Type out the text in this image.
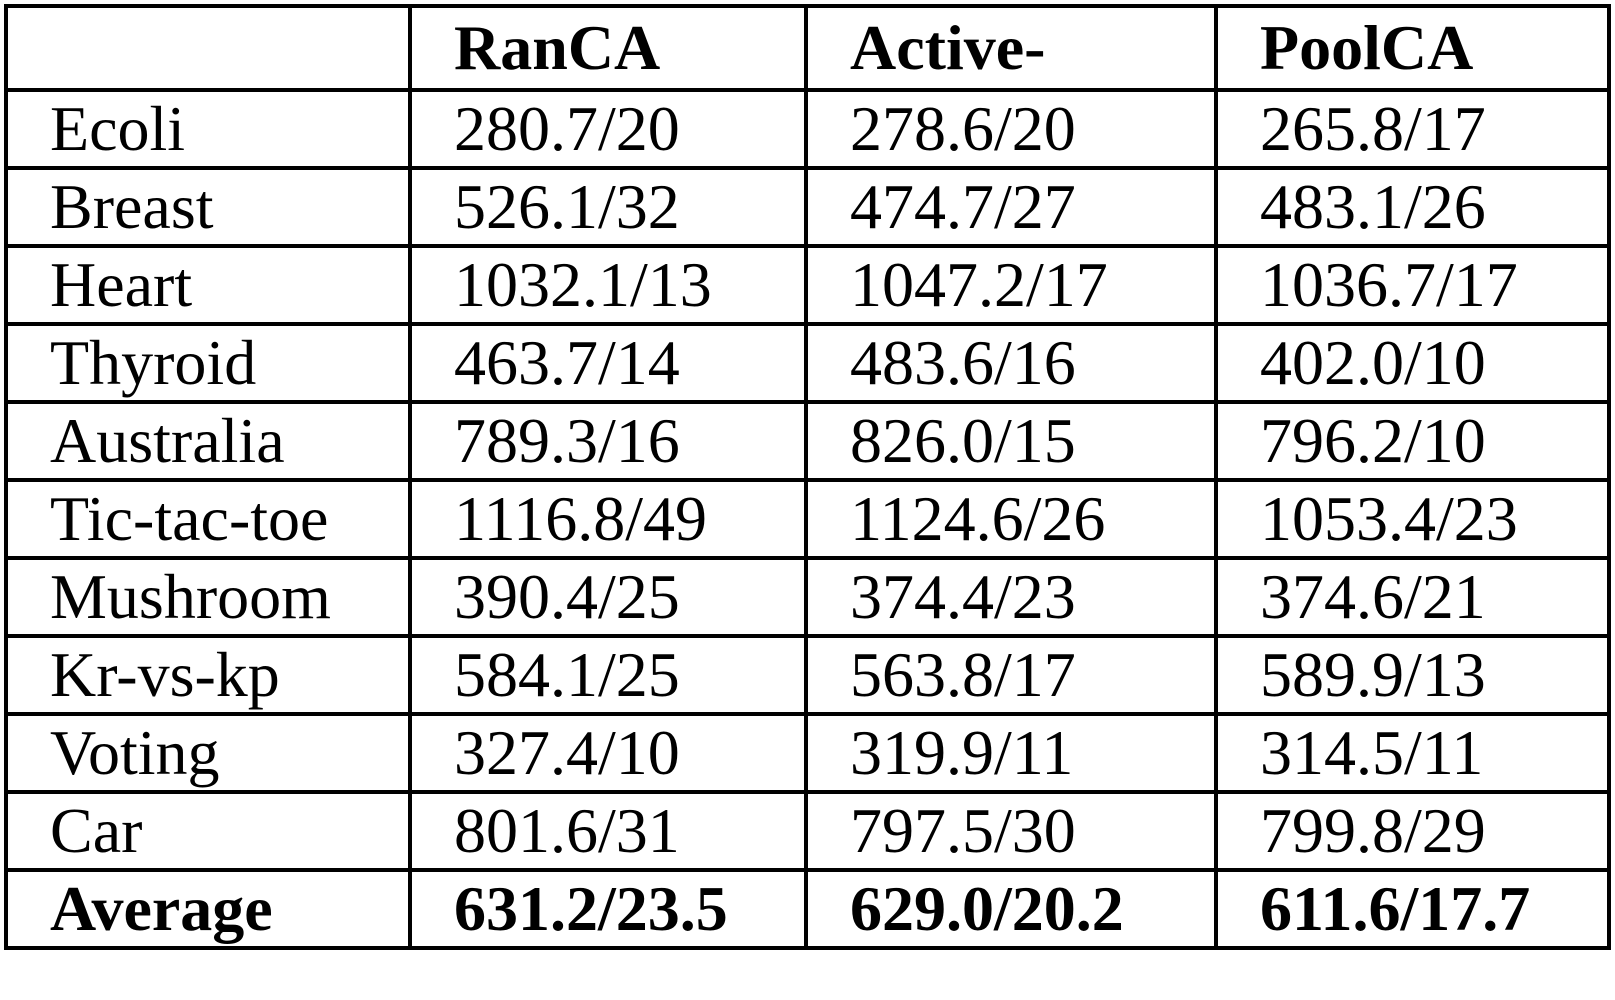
	RanCA	Active-	PoolCA
Ecoli	280.7/20	278.6/20	265.8/17
Breast	526.1/32	474.7/27	483.1/26
Heart	1032.1/13	1047.2/17	1036.7/17
Thyroid	463.7/14	483.6/16	402.0/10
Australia	789.3/16	826.0/15	796.2/10
Tic-tac-toe	1116.8/49	1124.6/26	1053.4/23
Mushroom	390.4/25	374.4/23	374.6/21
Kr-vs-kp	584.1/25	563.8/17	589.9/13
Voting	327.4/10	319.9/11	314.5/11
Car	801.6/31	797.5/30	799.8/29
Average	631.2/23.5	629.0/20.2	611.6/17.7
